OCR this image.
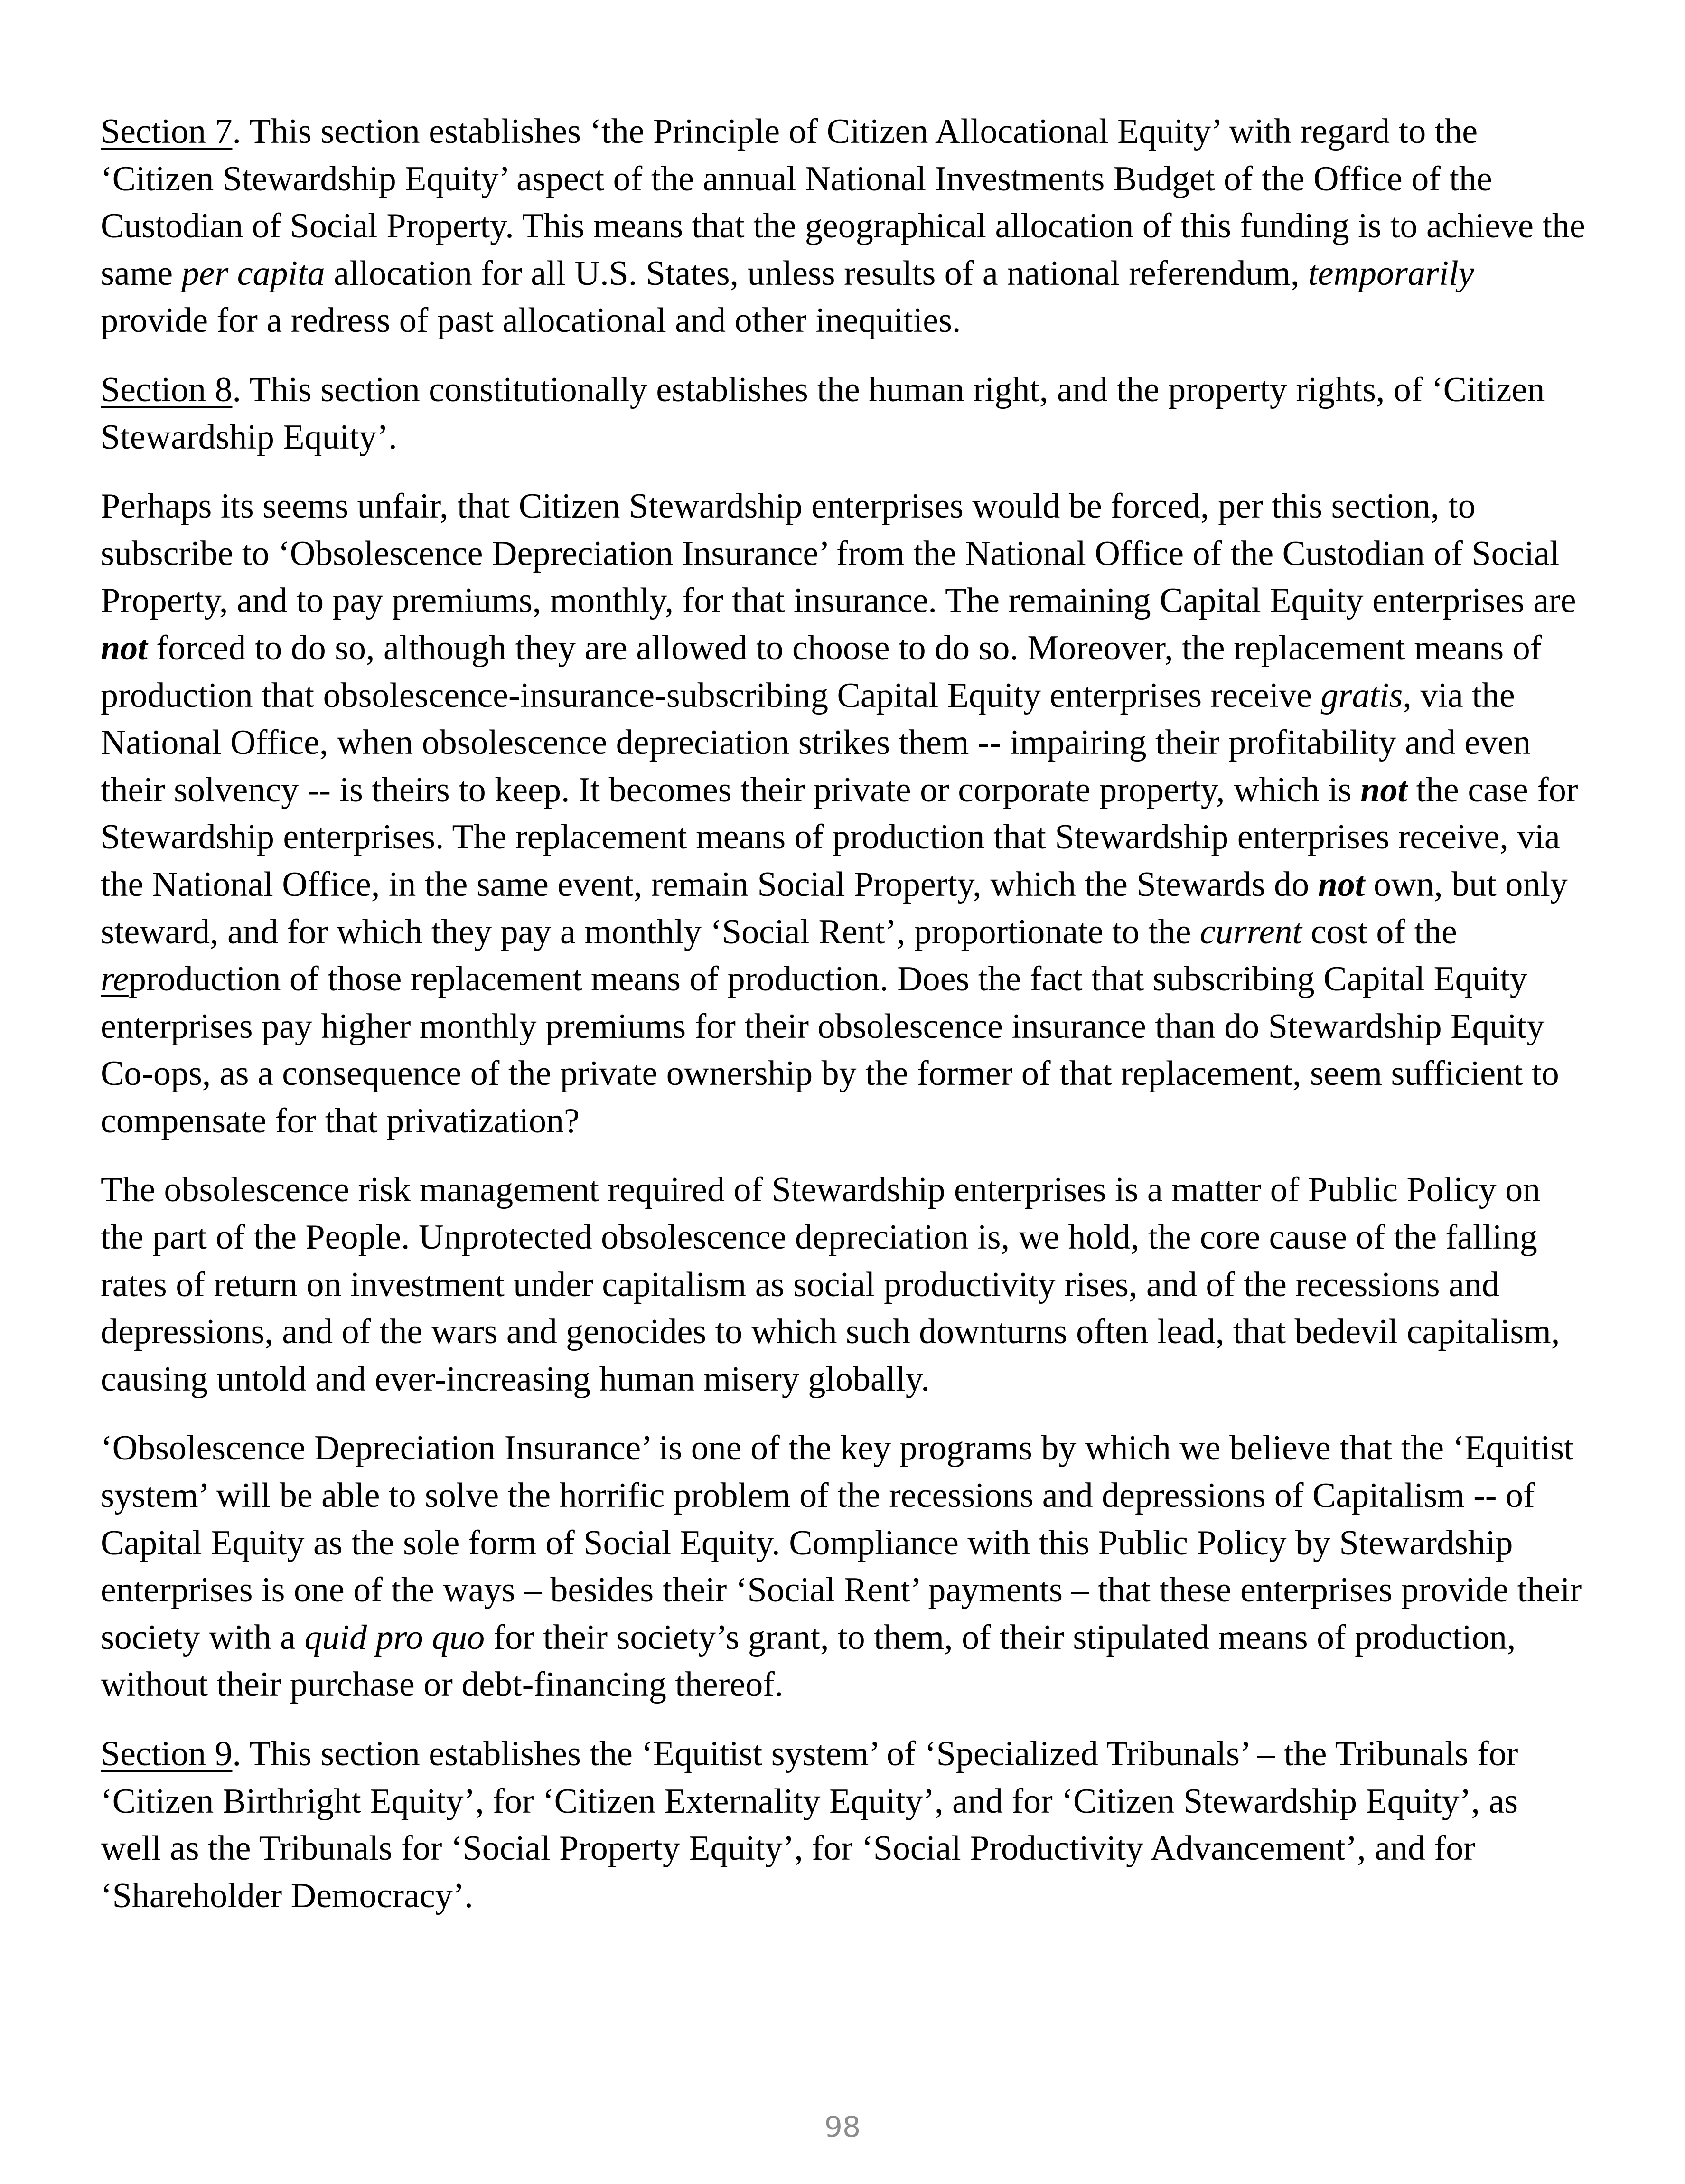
Section 7. This section establishes ‘the Principle of Citizen Allocational Equity’ with regard to the ‘Citizen Stewardship Equity’ aspect of the annual National Investments Budget of the Office of the Custodian of Social Property. This means that the geographical allocation of this funding is to achieve the same per capita allocation for all U.S. States, unless results of a national referendum, temporarily provide for a redress of past allocational and other inequities.

Section 8. This section constitutionally establishes the human right, and the property rights, of ‘Citizen Stewardship Equity’.

Perhaps its seems unfair, that Citizen Stewardship enterprises would be forced, per this section, to subscribe to ‘Obsolescence Depreciation Insurance’ from the National Office of the Custodian of Social Property, and to pay premiums, monthly, for that insurance. The remaining Capital Equity enterprises are not forced to do so, although they are allowed to choose to do so. Moreover, the replacement means of production that obsolescence-insurance-subscribing Capital Equity enterprises receive gratis, via the National Office, when obsolescence depreciation strikes them -- impairing their profitability and even their solvency -- is theirs to keep. It becomes their private or corporate property, which is not the case for Stewardship enterprises. The replacement means of production that Stewardship enterprises receive, via the National Office, in the same event, remain Social Property, which the Stewards do not own, but only steward, and for which they pay a monthly ‘Social Rent’, proportionate to the current cost of the reproduction of those replacement means of production. Does the fact that subscribing Capital Equity enterprises pay higher monthly premiums for their obsolescence insurance than do Stewardship Equity Co-ops, as a consequence of the private ownership by the former of that replacement, seem sufficient to compensate for that privatization?

The obsolescence risk management required of Stewardship enterprises is a matter of Public Policy on the part of the People. Unprotected obsolescence depreciation is, we hold, the core cause of the falling rates of return on investment under capitalism as social productivity rises, and of the recessions and depressions, and of the wars and genocides to which such downturns often lead, that bedevil capitalism, causing untold and ever-increasing human misery globally.

‘Obsolescence Depreciation Insurance’ is one of the key programs by which we believe that the ‘Equitist system’ will be able to solve the horrific problem of the recessions and depressions of Capitalism -- of Capital Equity as the sole form of Social Equity. Compliance with this Public Policy by Stewardship enterprises is one of the ways – besides their ‘Social Rent’ payments – that these enterprises provide their society with a quid pro quo for their society’s grant, to them, of their stipulated means of production, without their purchase or debt-financing thereof.

Section 9. This section establishes the ‘Equitist system’ of ‘Specialized Tribunals’ – the Tribunals for ‘Citizen Birthright Equity’, for ‘Citizen Externality Equity’, and for ‘Citizen Stewardship Equity’, as well as the Tribunals for ‘Social Property Equity’, for ‘Social Productivity Advancement’, and for ‘Shareholder Democracy’.

98
